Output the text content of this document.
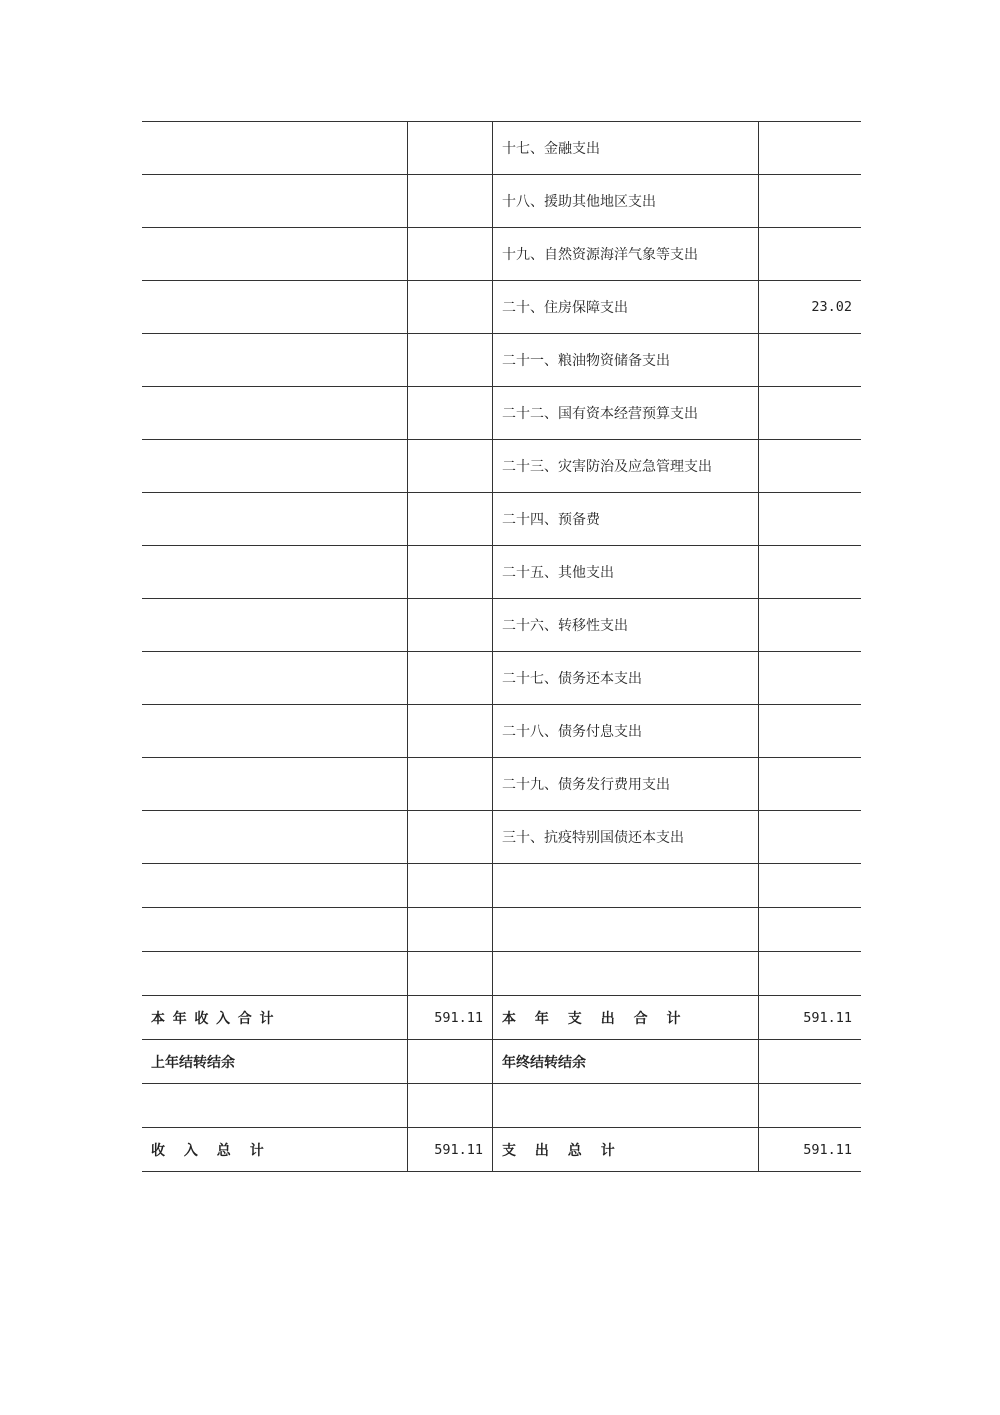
		十七、金融支出	
		十八、援助其他地区支出	
		十九、自然资源海洋气象等支出	
		二十、住房保障支出	23.02
		二十一、粮油物资储备支出	
		二十二、国有资本经营预算支出	
		二十三、灾害防治及应急管理支出	
		二十四、预备费	
		二十五、其他支出	
		二十六、转移性支出	
		二十七、债务还本支出	
		二十八、债务付息支出	
		二十九、债务发行费用支出	
		三十、抗疫特别国债还本支出	

本年收入合计	591.11	本年支出合计	591.11
上年结转结余		年终结转结余	

收入总计	591.11	支出总计	591.11
